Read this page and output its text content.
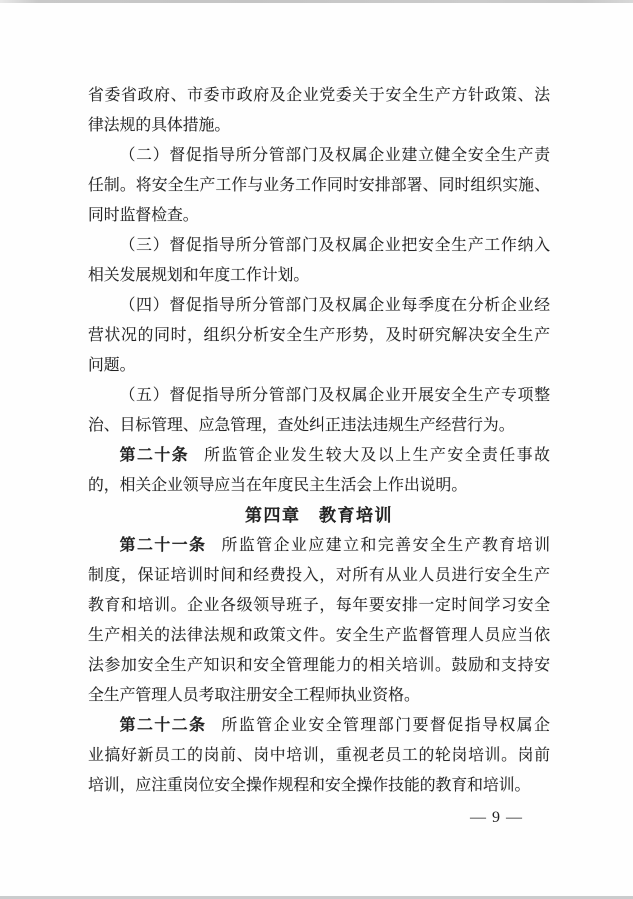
省委省政府、市委市政府及企业党委关于安全生产方针政策、法
律法规的具体措施。
（二）督促指导所分管部门及权属企业建立健全安全生产责
任制。将安全生产工作与业务工作同时安排部署、同时组织实施、
同时监督检查。
（三）督促指导所分管部门及权属企业把安全生产工作纳入
相关发展规划和年度工作计划。
（四）督促指导所分管部门及权属企业每季度在分析企业经
营状况的同时，组织分析安全生产形势，及时研究解决安全生产
问题。
（五）督促指导所分管部门及权属企业开展安全生产专项整
治、目标管理、应急管理，查处纠正违法违规生产经营行为。
第二十条 所监管企业发生较大及以上生产安全责任事故
的，相关企业领导应当在年度民主生活会上作出说明。
第四章　教育培训
第二十一条 所监管企业应建立和完善安全生产教育培训
制度，保证培训时间和经费投入，对所有从业人员进行安全生产
教育和培训。企业各级领导班子，每年要安排一定时间学习安全
生产相关的法律法规和政策文件。安全生产监督管理人员应当依
法参加安全生产知识和安全管理能力的相关培训。鼓励和支持安
全生产管理人员考取注册安全工程师执业资格。
第二十二条 所监管企业安全管理部门要督促指导权属企
业搞好新员工的岗前、岗中培训，重视老员工的轮岗培训。岗前
培训，应注重岗位安全操作规程和安全操作技能的教育和培训。
— 9 —
